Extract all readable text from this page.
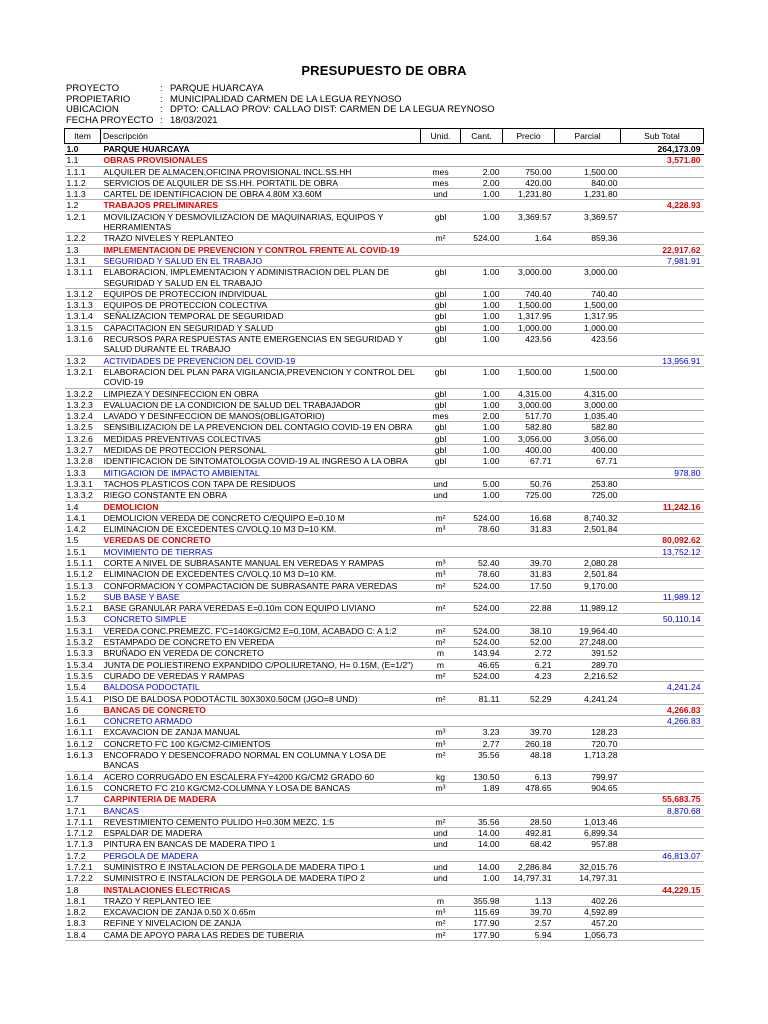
PRESUPUESTO DE OBRA
PROYECTO	: PARQUE HUARCAYA
PROPIETARIO	: MUNICIPALIDAD CARMEN DE LA LEGUA REYNOSO
UBICACION	: DPTO: CALLAO PROV: CALLAO DIST: CARMEN DE LA LEGUA REYNOSO
FECHA PROYECTO : 18/03/2021
Item	Descripción	Unid.	Cant.	Precio	Parcial	Sub Total
1.0	PARQUE HUARCAYA					264,173.09
1.1	OBRAS PROVISIONALES					3,571.80
1.1.1	ALQUILER DE ALMACEN,OFICINA PROVISIONAL INCL.SS.HH	mes	2.00	750.00	1,500.00	
1.1.2	SERVICIOS DE ALQUILER DE SS.HH. PORTATIL DE OBRA	mes	2.00	420.00	840.00	
1.1.3	CARTEL DE IDENTIFICACION DE OBRA 4.80M X3.60M	und	1.00	1,231.80	1,231.80	
1.2	TRABAJOS PRELIMINARES					4,228.93
1.2.1	MOVILIZACION Y DESMOVILIZACION DE MAQUINARIAS, EQUIPOS Y HERRAMIENTAS	gbl	1.00	3,369.57	3,369.57	
1.2.2	TRAZO NIVELES Y REPLANTEO	m²	524.00	1.64	859.36	
1.3	IMPLEMENTACION DE PREVENCION Y CONTROL FRENTE AL COVID-19					22,917.62
1.3.1	SEGURIDAD Y SALUD EN EL TRABAJO					7,981.91
1.3.1.1	ELABORACION, IMPLEMENTACION Y ADMINISTRACION DEL PLAN DE SEGURIDAD Y SALUD EN EL TRABAJO	gbl	1.00	3,000.00	3,000.00	
1.3.1.2	EQUIPOS DE PROTECCION INDIVIDUAL	gbl	1.00	740.40	740.40	
1.3.1.3	EQUIPOS DE PROTECCION COLECTIVA	gbl	1.00	1,500.00	1,500.00	
1.3.1.4	SEÑALIZACION TEMPORAL DE SEGURIDAD	gbl	1.00	1,317.95	1,317.95	
1.3.1.5	CAPACITACION EN SEGURIDAD Y SALUD	gbl	1.00	1,000.00	1,000.00	
1.3.1.6	RECURSOS PARA RESPUESTAS ANTE EMERGENCIAS EN SEGURIDAD Y SALUD DURANTE EL TRABAJO	gbl	1.00	423.56	423.56	
1.3.2	ACTIVIDADES DE PREVENCION DEL COVID-19					13,956.91
1.3.2.1	ELABORACION DEL PLAN PARA VIGILANCIA,PREVENCION Y CONTROL DEL COVID-19	gbl	1.00	1,500.00	1,500.00	
1.3.2.2	LIMPIEZA Y DESINFECCION EN OBRA	gbl	1.00	4,315.00	4,315.00	
1.3.2.3	EVALUACION DE LA CONDICION DE SALUD DEL TRABAJADOR	gbl	1.00	3,000.00	3,000.00	
1.3.2.4	LAVADO Y DESINFECCION DE MANOS(OBLIGATORIO)	mes	2.00	517.70	1,035.40	
1.3.2.5	SENSIBILIZACION DE LA PREVENCION DEL CONTAGIO COVID-19 EN OBRA	gbl	1.00	582.80	582.80	
1.3.2.6	MEDIDAS PREVENTIVAS COLECTIVAS	gbl	1.00	3,056.00	3,056.00	
1.3.2.7	MEDIDAS DE PROTECCION PERSONAL	gbl	1.00	400.00	400.00	
1.3.2.8	IDENTIFICACION DE SINTOMATOLOGIA COVID-19 AL INGRESO A LA OBRA	gbl	1.00	67.71	67.71	
1.3.3	MITIGACION DE IMPACTO AMBIENTAL					978.80
1.3.3.1	TACHOS PLASTICOS CON TAPA DE RESIDUOS	und	5.00	50.76	253.80	
1.3.3.2	RIEGO CONSTANTE EN OBRA	und	1.00	725.00	725.00	
1.4	DEMOLICION					11,242.16
1.4.1	DEMOLICION VEREDA DE CONCRETO C/EQUIPO E=0.10 M	m²	524.00	16.68	8,740.32	
1.4.2	ELIMINACION DE EXCEDENTES C/VOLQ.10 M3 D=10 KM.	m³	78.60	31.83	2,501.84	
1.5	VEREDAS DE CONCRETO					80,092.62
1.5.1	MOVIMIENTO DE TIERRAS					13,752.12
1.5.1.1	CORTE A NIVEL DE SUBRASANTE MANUAL EN VEREDAS Y RAMPAS	m³	52.40	39.70	2,080.28	
1.5.1.2	ELIMINACION DE EXCEDENTES C/VOLQ.10 M3 D=10 KM.	m³	78.60	31.83	2,501.84	
1.5.1.3	CONFORMACION Y COMPACTACION DE SUBRASANTE PARA VEREDAS	m²	524.00	17.50	9,170.00	
1.5.2	SUB BASE Y BASE					11,989.12
1.5.2.1	BASE GRANULAR PARA VEREDAS E=0.10m CON EQUIPO LIVIANO	m²	524.00	22.88	11,989.12	
1.5.3	CONCRETO SIMPLE					50,110.14
1.5.3.1	VEREDA CONC.PREMEZC. F'C=140KG/CM2 E=0.10M, ACABADO C: A 1:2	m²	524.00	38.10	19,964.40	
1.5.3.2	ESTAMPADO DE CONCRETO EN VEREDA	m²	524.00	52.00	27,248.00	
1.5.3.3	BRUÑADO EN VEREDA DE CONCRETO	m	143.94	2.72	391.52	
1.5.3.4	JUNTA DE POLIESTIRENO EXPANDIDO C/POLIURETANO, H= 0.15M, (E=1/2")	m	46.65	6.21	289.70	
1.5.3.5	CURADO DE VEREDAS Y RAMPAS	m²	524.00	4.23	2,216.52	
1.5.4	BALDOSA PODOCTATIL					4,241.24
1.5.4.1	PISO DE BALDOSA PODOTÁCTIL 30X30X0.50CM (JGO=8 UND)	m²	81.11	52.29	4,241.24	
1.6	BANCAS DE CONCRETO					4,266.83
1.6.1	CONCRETO ARMADO					4,266.83
1.6.1.1	EXCAVACION DE ZANJA MANUAL	m³	3.23	39.70	128.23	
1.6.1.2	CONCRETO F'C 100 KG/CM2-CIMIENTOS	m³	2.77	260.18	720.70	
1.6.1.3	ENCOFRADO Y DESENCOFRADO NORMAL EN COLUMNA Y LOSA DE BANCAS	m²	35.56	48.18	1,713.28	
1.6.1.4	ACERO CORRUGADO EN ESCALERA FY=4200 KG/CM2 GRADO 60	kg	130.50	6.13	799.97	
1.6.1.5	CONCRETO F'C 210 KG/CM2-COLUMNA Y LOSA DE BANCAS	m³	1.89	478.65	904.65	
1.7	CARPINTERIA DE MADERA					55,683.75
1.7.1	BANCAS					8,870.68
1.7.1.1	REVESTIMIENTO CEMENTO PULIDO H=0.30M MEZC. 1:5	m²	35.56	28.50	1,013.46	
1.7.1.2	ESPALDAR DE MADERA	und	14.00	492.81	6,899.34	
1.7.1.3	PINTURA EN BANCAS DE MADERA TIPO 1	und	14.00	68.42	957.88	
1.7.2	PERGOLA DE MADERA					46,813.07
1.7.2.1	SUMINISTRO E INSTALACION DE PERGOLA DE MADERA TIPO 1	und	14.00	2,286.84	32,015.76	
1.7.2.2	SUMINISTRO E INSTALACION DE PERGOLA DE MADERA TIPO 2	und	1.00	14,797.31	14,797.31	
1.8	INSTALACIONES ELECTRICAS					44,229.15
1.8.1	TRAZO Y REPLANTEO IEE	m	355.98	1.13	402.26	
1.8.2	EXCAVACION DE ZANJA 0.50 X 0.65m	m³	115.69	39.70	4,592.89	
1.8.3	REFINE Y NIVELACION DE ZANJA	m²	177.90	2.57	457.20	
1.8.4	CAMA DE APOYO PARA LAS REDES DE TUBERIA	m²	177.90	5.94	1,056.73	
